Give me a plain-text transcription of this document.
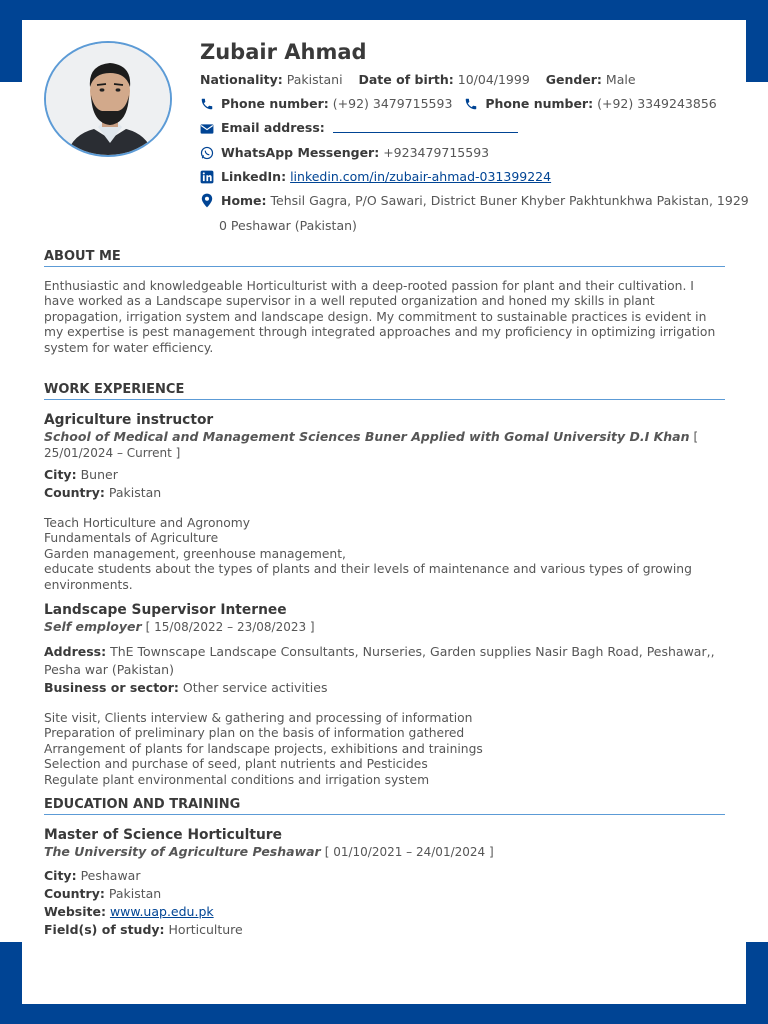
Zubair Ahmad
Nationality: Pakistani Date of birth: 10/04/1999 Gender: Male
Phone number: (+92) 3479715593	Phone number: (+92) 3349243856
Email address:
WhatsApp Messenger: +923479715593
LinkedIn: linkedin.com/in/zubair-ahmad-031399224
Home: Tehsil Gagra, P/O Sawari, District Buner Khyber Pakhtunkhwa Pakistan, 1929
0 Peshawar (Pakistan)
ABOUT ME
Enthusiastic and knowledgeable Horticulturist with a deep-rooted passion for plant and their cultivation. I have worked as a Landscape supervisor in a well reputed organization and honed my skills in plant propagation, irrigation system and landscape design. My commitment to sustainable practices is evident in my expertise is pest management through integrated approaches and my proficiency in optimizing irrigation system for water efficiency.
WORK EXPERIENCE
Agriculture instructor
School of Medical and Management Sciences Buner Applied with Gomal University D.I Khan [ 25/01/2024 – Current ]
City: Buner
Country: Pakistan
Teach Horticulture and Agronomy
Fundamentals of Agriculture
Garden management, greenhouse management,
educate students about the types of plants and their levels of maintenance and various types of growing environments.
Landscape Supervisor Internee
Self employer [ 15/08/2022 – 23/08/2023 ]
Address: ThE Townscape Landscape Consultants, Nurseries, Garden supplies Nasir Bagh Road, Peshawar,, Pesha war (Pakistan)
Business or sector: Other service activities
Site visit, Clients interview & gathering and processing of information
Preparation of preliminary plan on the basis of information gathered
Arrangement of plants for landscape projects, exhibitions and trainings
Selection and purchase of seed, plant nutrients and Pesticides
Regulate plant environmental conditions and irrigation system
EDUCATION AND TRAINING
Master of Science Horticulture
The University of Agriculture Peshawar [ 01/10/2021 – 24/01/2024 ]
City: Peshawar
Country: Pakistan
Website: www.uap.edu.pk
Field(s) of study: Horticulture
